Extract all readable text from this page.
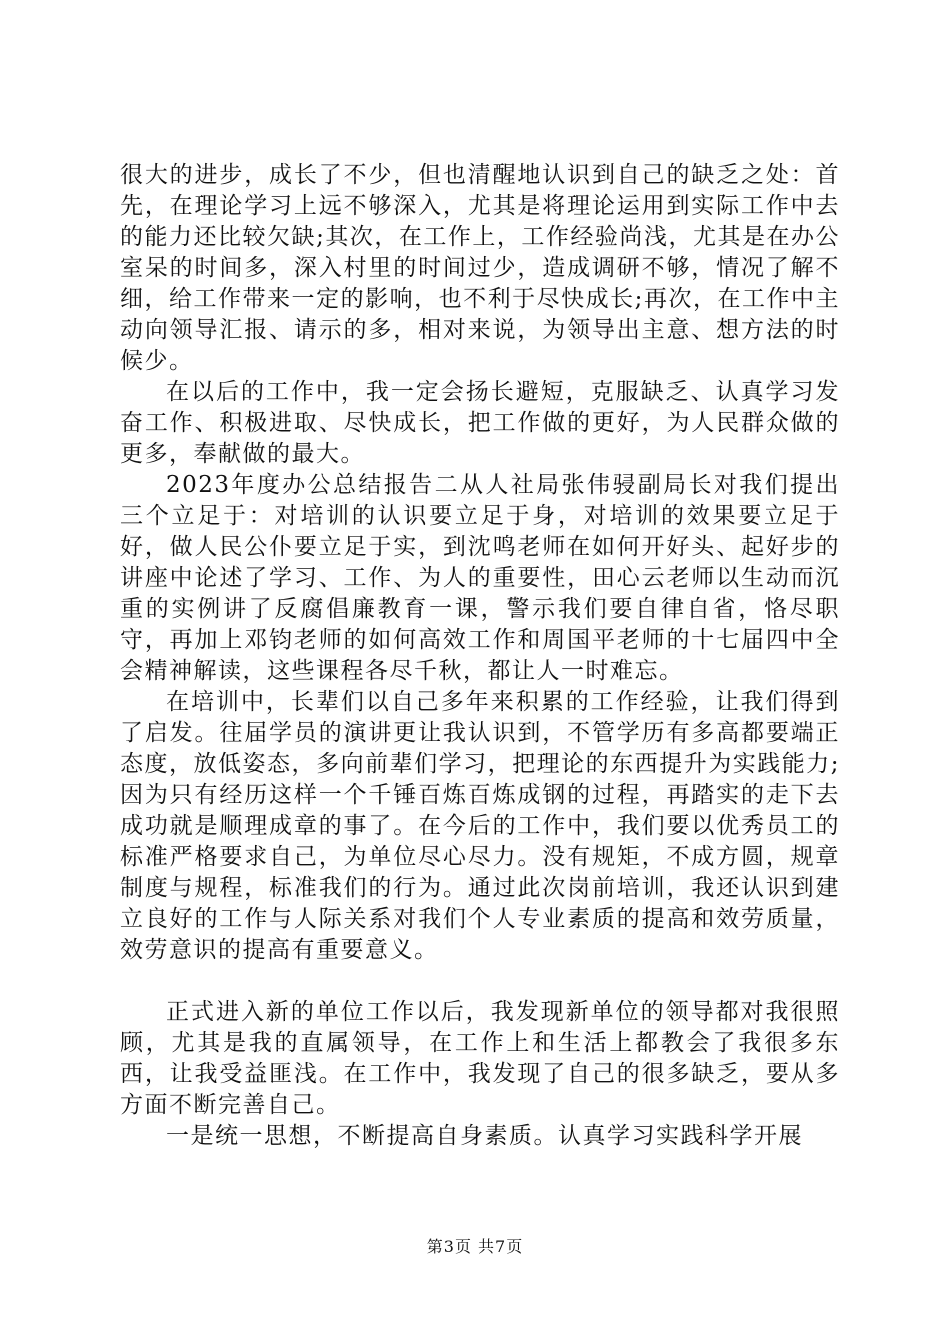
很大的进步，成长了不少，但也清醒地认识到自己的缺乏之处：首先，在理论学习上远不够深入，尤其是将理论运用到实际工作中去的能力还比较欠缺;其次，在工作上，工作经验尚浅，尤其是在办公室呆的时间多，深入村里的时间过少，造成调研不够，情况了解不细，给工作带来一定的影响，也不利于尽快成长;再次，在工作中主动向领导汇报、请示的多，相对来说，为领导出主意、想方法的时候少。

在以后的工作中，我一定会扬长避短，克服缺乏、认真学习发奋工作、积极进取、尽快成长，把工作做的更好，为人民群众做的更多，奉献做的最大。

2023年度办公总结报告二从人社局张伟骎副局长对我们提出三个立足于：对培训的认识要立足于身，对培训的效果要立足于好，做人民公仆要立足于实，到沈鸣老师在如何开好头、起好步的讲座中论述了学习、工作、为人的重要性，田心云老师以生动而沉重的实例讲了反腐倡廉教育一课，警示我们要自律自省，恪尽职守，再加上邓钧老师的如何高效工作和周国平老师的十七届四中全会精神解读，这些课程各尽千秋，都让人一时难忘。

在培训中，长辈们以自己多年来积累的工作经验，让我们得到了启发。往届学员的演讲更让我认识到，不管学历有多高都要端正态度，放低姿态，多向前辈们学习，把理论的东西提升为实践能力;因为只有经历这样一个千锤百炼百炼成钢的过程，再踏实的走下去成功就是顺理成章的事了。在今后的工作中，我们要以优秀员工的标准严格要求自己，为单位尽心尽力。没有规矩，不成方圆，规章制度与规程，标准我们的行为。通过此次岗前培训，我还认识到建立良好的工作与人际关系对我们个人专业素质的提高和效劳质量，效劳意识的提高有重要意义。

正式进入新的单位工作以后，我发现新单位的领导都对我很照顾，尤其是我的直属领导，在工作上和生活上都教会了我很多东西，让我受益匪浅。在工作中，我发现了自己的很多缺乏，要从多方面不断完善自己。

一是统一思想，不断提高自身素质。认真学习实践科学开展

第3页 共7页
